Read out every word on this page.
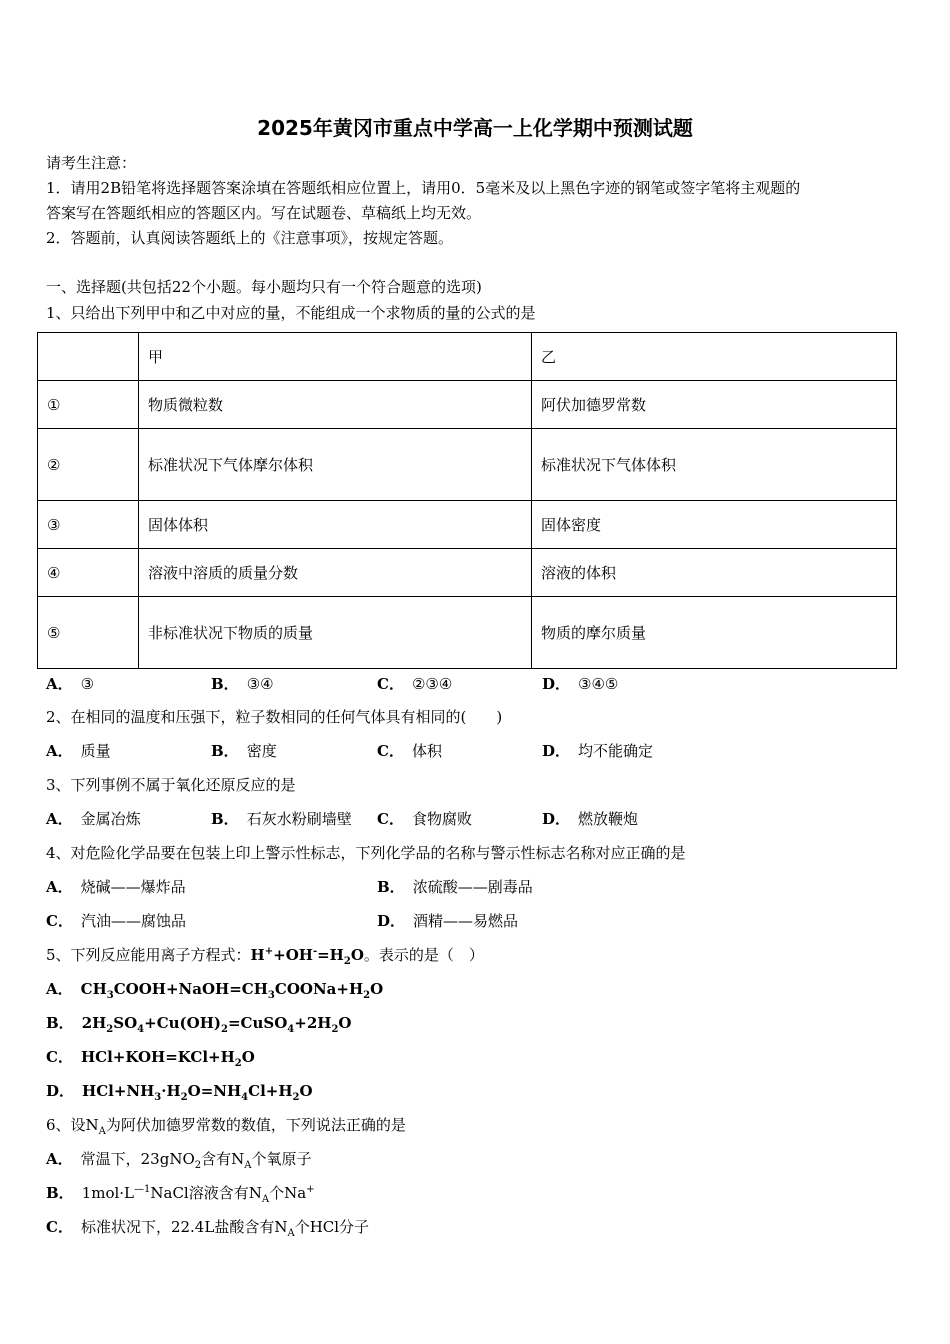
2025年黄冈市重点中学高一上化学期中预测试题
请考生注意：
1．请用2B铅笔将选择题答案涂填在答题纸相应位置上，请用0．5毫米及以上黑色字迹的钢笔或签字笔将主观题的
答案写在答题纸相应的答题区内。写在试题卷、草稿纸上均无效。
2．答题前，认真阅读答题纸上的《注意事项》，按规定答题。
一、选择题(共包括22个小题。每小题均只有一个符合题意的选项)
1、只给出下列甲中和乙中对应的量，不能组成一个求物质的量的公式的是
	甲	乙
①	物质微粒数	阿伏加德罗常数
②	标准状况下气体摩尔体积	标准状况下气体体积
③	固体体积	固体密度
④	溶液中溶质的质量分数	溶液的体积
⑤	非标准状况下物质的质量	物质的摩尔质量
A． ③	B． ③④	C． ②③④	D． ③④⑤
2、在相同的温度和压强下，粒子数相同的任何气体具有相同的(　　)
A． 质量	B． 密度	C． 体积	D． 均不能确定
3、下列事例不属于氧化还原反应的是
A． 金属冶炼	B． 石灰水粉刷墙壁 C． 食物腐败	D． 燃放鞭炮
4、对危险化学品要在包装上印上警示性标志，下列化学品的名称与警示性标志名称对应正确的是
A． 烧碱——爆炸品	B． 浓硫酸——剧毒品
C． 汽油——腐蚀品	D． 酒精——易燃品
5、下列反应能用离子方程式：$H^++OH^-=H_2O$。表示的是（　）
A． $CH_3COOH+NaOH=CH_3COONa+H_2O$
B． $2H_2SO_4+Cu(OH)_2=CuSO_4+2H_2O$
C． $HCl+KOH=KCl+H_2O$
D． $HCl+NH_3\cdot H_2O=NH_4Cl+H_2O$
6、设$N_A$为阿伏加德罗常数的数值，下列说法正确的是
A． 常温下，23gNO$_2$含有$N_A$个氧原子
B． $1mol\cdot L^{—1}NaCl$溶液含有$N_A$个Na+
C． 标准状况下，22.4L盐酸含有$N_A$个HCl分子
